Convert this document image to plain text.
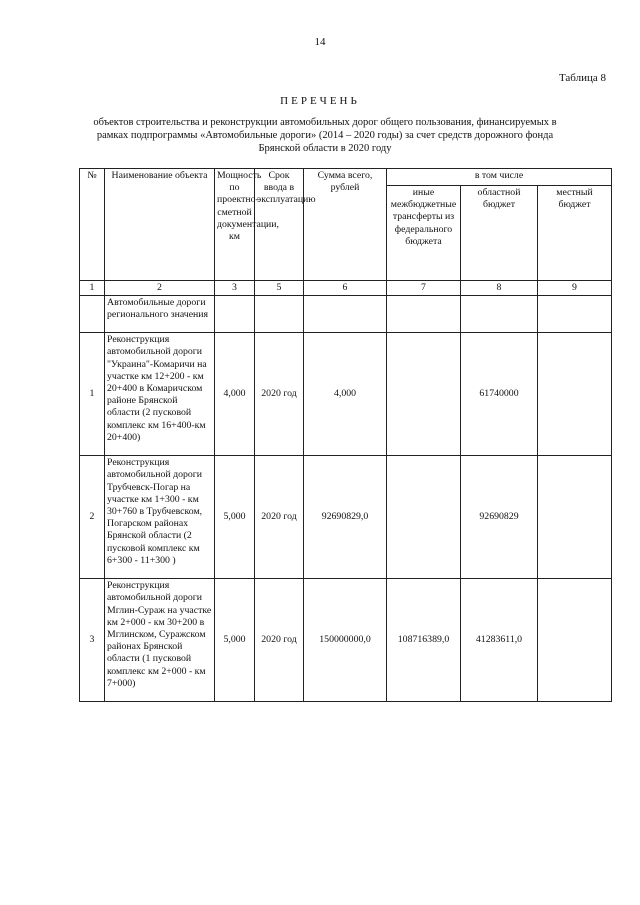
14
Таблица 8
ПЕРЕЧЕНЬ
объектов строительства и реконструкции автомобильных дорог общего пользования, финансируемых в рамках подпрограммы «Автомобильные дороги» (2014 – 2020 годы) за счет средств дорожного фонда Брянской области в 2020 году
№	Наименование объекта	Мощность по проектно-сметной документации, км	Срок ввода в эксплуатацию	Сумма всего, рублей	в том числе		
					иные межбюджетные трансферты из федерального бюджета	областной бюджет	местный бюджет
1	2	3	5	6	7	8	9
	Автомобильные дороги регионального значения						
1	Реконструкция автомобильной дороги "Украина"-Комаричи на участке км 12+200 - км 20+400 в Комаричском районе Брянской области (2 пусковой комплекс км 16+400-км 20+400)	4,000	2020 год	4,000		61740000	
2	Реконструкция автомобильной дороги Трубчевск-Погар на участке км 1+300 - км 30+760 в Трубчевском, Погарском районах Брянской области (2 пусковой комплекс км 6+300 - 11+300 )	5,000	2020 год	92690829,0		92690829	
3	Реконструкция автомобильной дороги Мглин-Сураж на участке км 2+000 - км 30+200 в Мглинском, Суражском районах Брянской области (1 пусковой комплекс км 2+000 - км 7+000)	5,000	2020 год	150000000,0	108716389,0	41283611,0	
